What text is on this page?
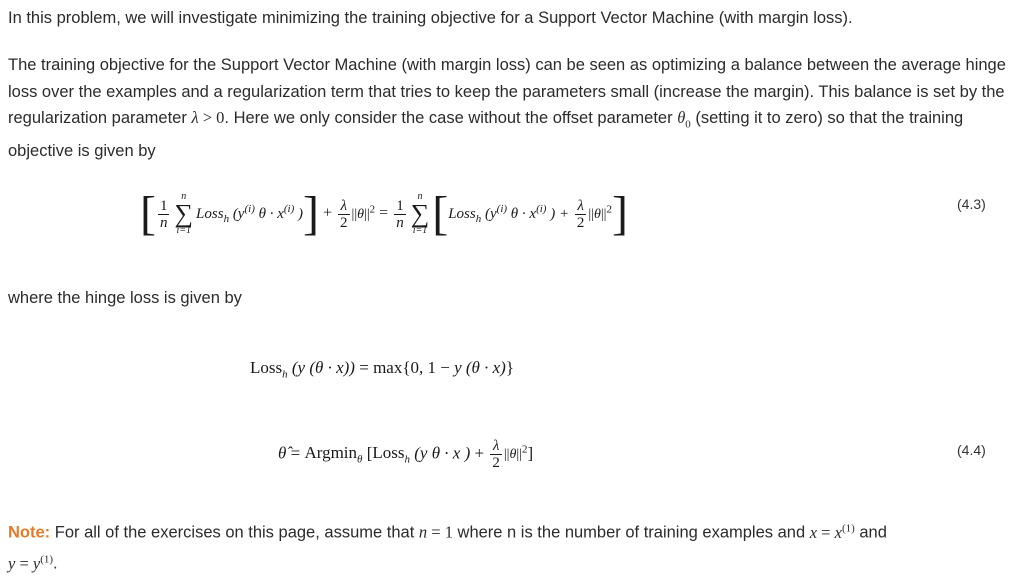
In this problem, we will investigate minimizing the training objective for a Support Vector Machine (with margin loss).

The training objective for the Support Vector Machine (with margin loss) can be seen as optimizing a balance between the average hinge loss over the examples and a regularization term that tries to keep the parameters small (increase the margin). This balance is set by the regularization parameter λ > 0. Here we only consider the case without the offset parameter $\theta_0$ (setting it to zero) so that the training objective is given by

[ $\frac{1}{n}$
n
∑
i=1
Loss$_h$ ($y^{(i)}$ $\theta \cdot x^{(i)}$ )] + $\frac{\lambda}{2} ||\theta||^2 = \frac{1}{n}$
n
∑
i=1 [Loss$_h$ ($y^{(i)}$ $\theta \cdot x^{(i)}$ ) + $\frac{\lambda}{2} ||\theta||^2$]	(4.3)

where the hinge loss is given by

Loss$_h$ (y (θ · x)) = max{0, 1 − y (θ · x)}
θ̂ = Argmin$_\theta$ [Loss$_h$ (y θ · x ) + $\frac{\lambda}{2} ||\theta||^2$]	(4.4)

Note: For all of the exercises on this page, assume that n = 1 where n is the number of training examples and $x = x^{(1)}$ and
$y = y^{(1)}$.
